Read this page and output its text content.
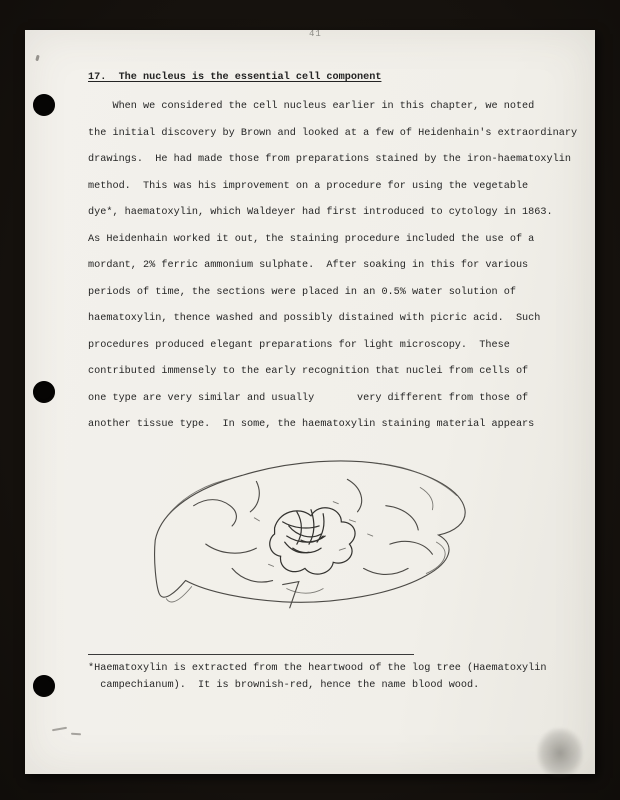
41
17.  The nucleus is the essential cell component
When we considered the cell nucleus earlier in this chapter, we noted
the initial discovery by Brown and looked at a few of Heidenhain's extraordinary
drawings.  He had made those from preparations stained by the iron-haematoxylin
method.  This was his improvement on a procedure for using the vegetable
dye*, haematoxylin, which Waldeyer had first introduced to cytology in 1863.
As Heidenhain worked it out, the staining procedure included the use of a
mordant, 2% ferric ammonium sulphate.  After soaking in this for various
periods of time, the sections were placed in an 0.5% water solution of
haematoxylin, thence washed and possibly distained with picric acid.  Such
procedures produced elegant preparations for light microscopy.  These
contributed immensely to the early recognition that nuclei from cells of
one type are very similar and usually       very different from those of
another tissue type.  In some, the haematoxylin staining material appears
*Haematoxylin is extracted from the heartwood of the log tree (Haematoxylin
campechianum).  It is brownish-red, hence the name blood wood.
